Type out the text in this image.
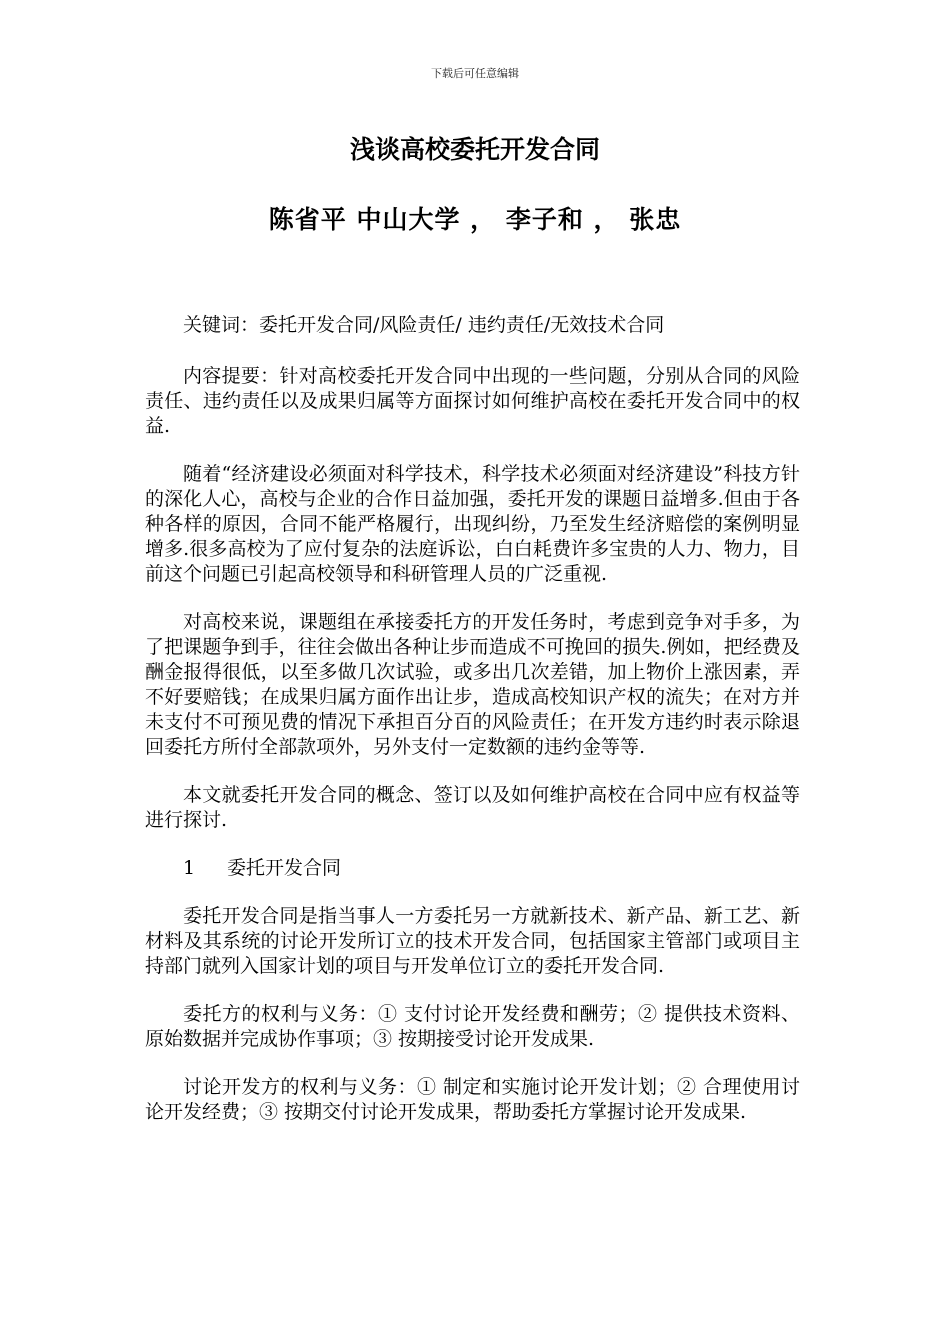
下载后可任意编辑
浅谈高校委托开发合同
陈省平 中山大学 ， 李子和 ， 张忠

关键词：委托开发合同/风险责任/ 违约责任/无效技术合同

内容提要：针对高校委托开发合同中出现的一些问题，分别从合同的风险责任、违约责任以及成果归属等方面探讨如何维护高校在委托开发合同中的权益.

随着“经济建设必须面对科学技术，科学技术必须面对经济建设”科技方针的深化人心，高校与企业的合作日益加强，委托开发的课题日益增多.但由于各种各样的原因，合同不能严格履行，出现纠纷，乃至发生经济赔偿的案例明显增多.很多高校为了应付复杂的法庭诉讼，白白耗费许多宝贵的人力、物力，目前这个问题已引起高校领导和科研管理人员的广泛重视.

对高校来说，课题组在承接委托方的开发任务时，考虑到竞争对手多，为了把课题争到手，往往会做出各种让步而造成不可挽回的损失.例如，把经费及酬金报得很低，以至多做几次试验，或多出几次差错，加上物价上涨因素，弄不好要赔钱；在成果归属方面作出让步，造成高校知识产权的流失；在对方并未支付不可预见费的情况下承担百分百的风险责任；在开发方违约时表示除退回委托方所付全部款项外，另外支付一定数额的违约金等等.

本文就委托开发合同的概念、签订以及如何维护高校在合同中应有权益等进行探讨.

1 委托开发合同

委托开发合同是指当事人一方委托另一方就新技术、新产品、新工艺、新材料及其系统的讨论开发所订立的技术开发合同，包括国家主管部门或项目主持部门就列入国家计划的项目与开发单位订立的委托开发合同.

委托方的权利与义务：① 支付讨论开发经费和酬劳；② 提供技术资料、原始数据并完成协作事项；③ 按期接受讨论开发成果.

讨论开发方的权利与义务：① 制定和实施讨论开发计划；② 合理使用讨论开发经费；③ 按期交付讨论开发成果，帮助委托方掌握讨论开发成果.
